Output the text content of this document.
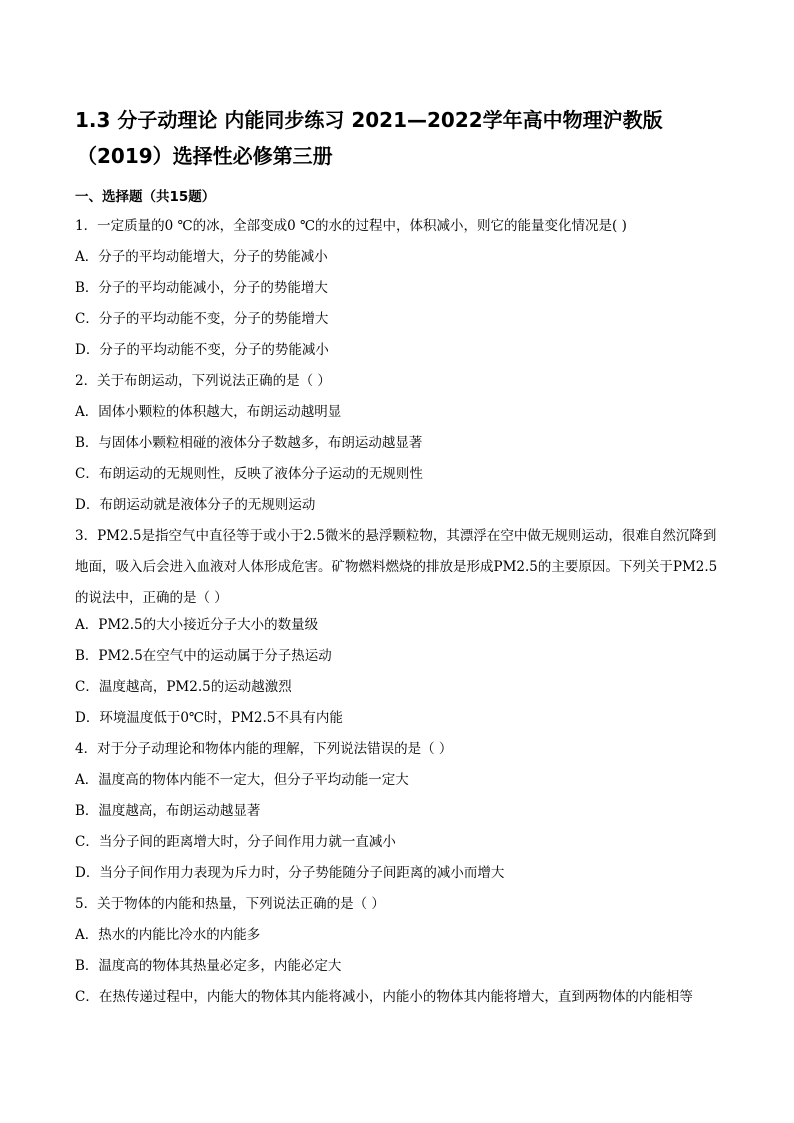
1.3 分子动理论 内能同步练习 2021—2022学年高中物理沪教版
（2019）选择性必修第三册
一、选择题（共15题）
1．一定质量的0 ℃的冰，全部变成0 ℃的水的过程中，体积减小，则它的能量变化情况是( )
A．分子的平均动能增大，分子的势能减小
B．分子的平均动能减小，分子的势能增大
C．分子的平均动能不变，分子的势能增大
D．分子的平均动能不变，分子的势能减小
2．关于布朗运动，下列说法正确的是（ ）
A．固体小颗粒的体积越大，布朗运动越明显
B．与固体小颗粒相碰的液体分子数越多，布朗运动越显著
C．布朗运动的无规则性，反映了液体分子运动的无规则性
D．布朗运动就是液体分子的无规则运动
3．PM2.5是指空气中直径等于或小于2.5微米的悬浮颗粒物，其漂浮在空中做无规则运动，很难自然沉降到地面，吸入后会进入血液对人体形成危害。矿物燃料燃烧的排放是形成PM2.5的主要原因。下列关于PM2.5的说法中，正确的是（ ）
A．PM2.5的大小接近分子大小的数量级
B．PM2.5在空气中的运动属于分子热运动
C．温度越高，PM2.5的运动越激烈
D．环境温度低于0℃时，PM2.5不具有内能
4．对于分子动理论和物体内能的理解，下列说法错误的是（ ）
A．温度高的物体内能不一定大，但分子平均动能一定大
B．温度越高，布朗运动越显著
C．当分子间的距离增大时，分子间作用力就一直减小
D．当分子间作用力表现为斥力时，分子势能随分子间距离的减小而增大
5．关于物体的内能和热量，下列说法正确的是（ ）
A．热水的内能比冷水的内能多
B．温度高的物体其热量必定多，内能必定大
C．在热传递过程中，内能大的物体其内能将减小，内能小的物体其内能将增大，直到两物体的内能相等
